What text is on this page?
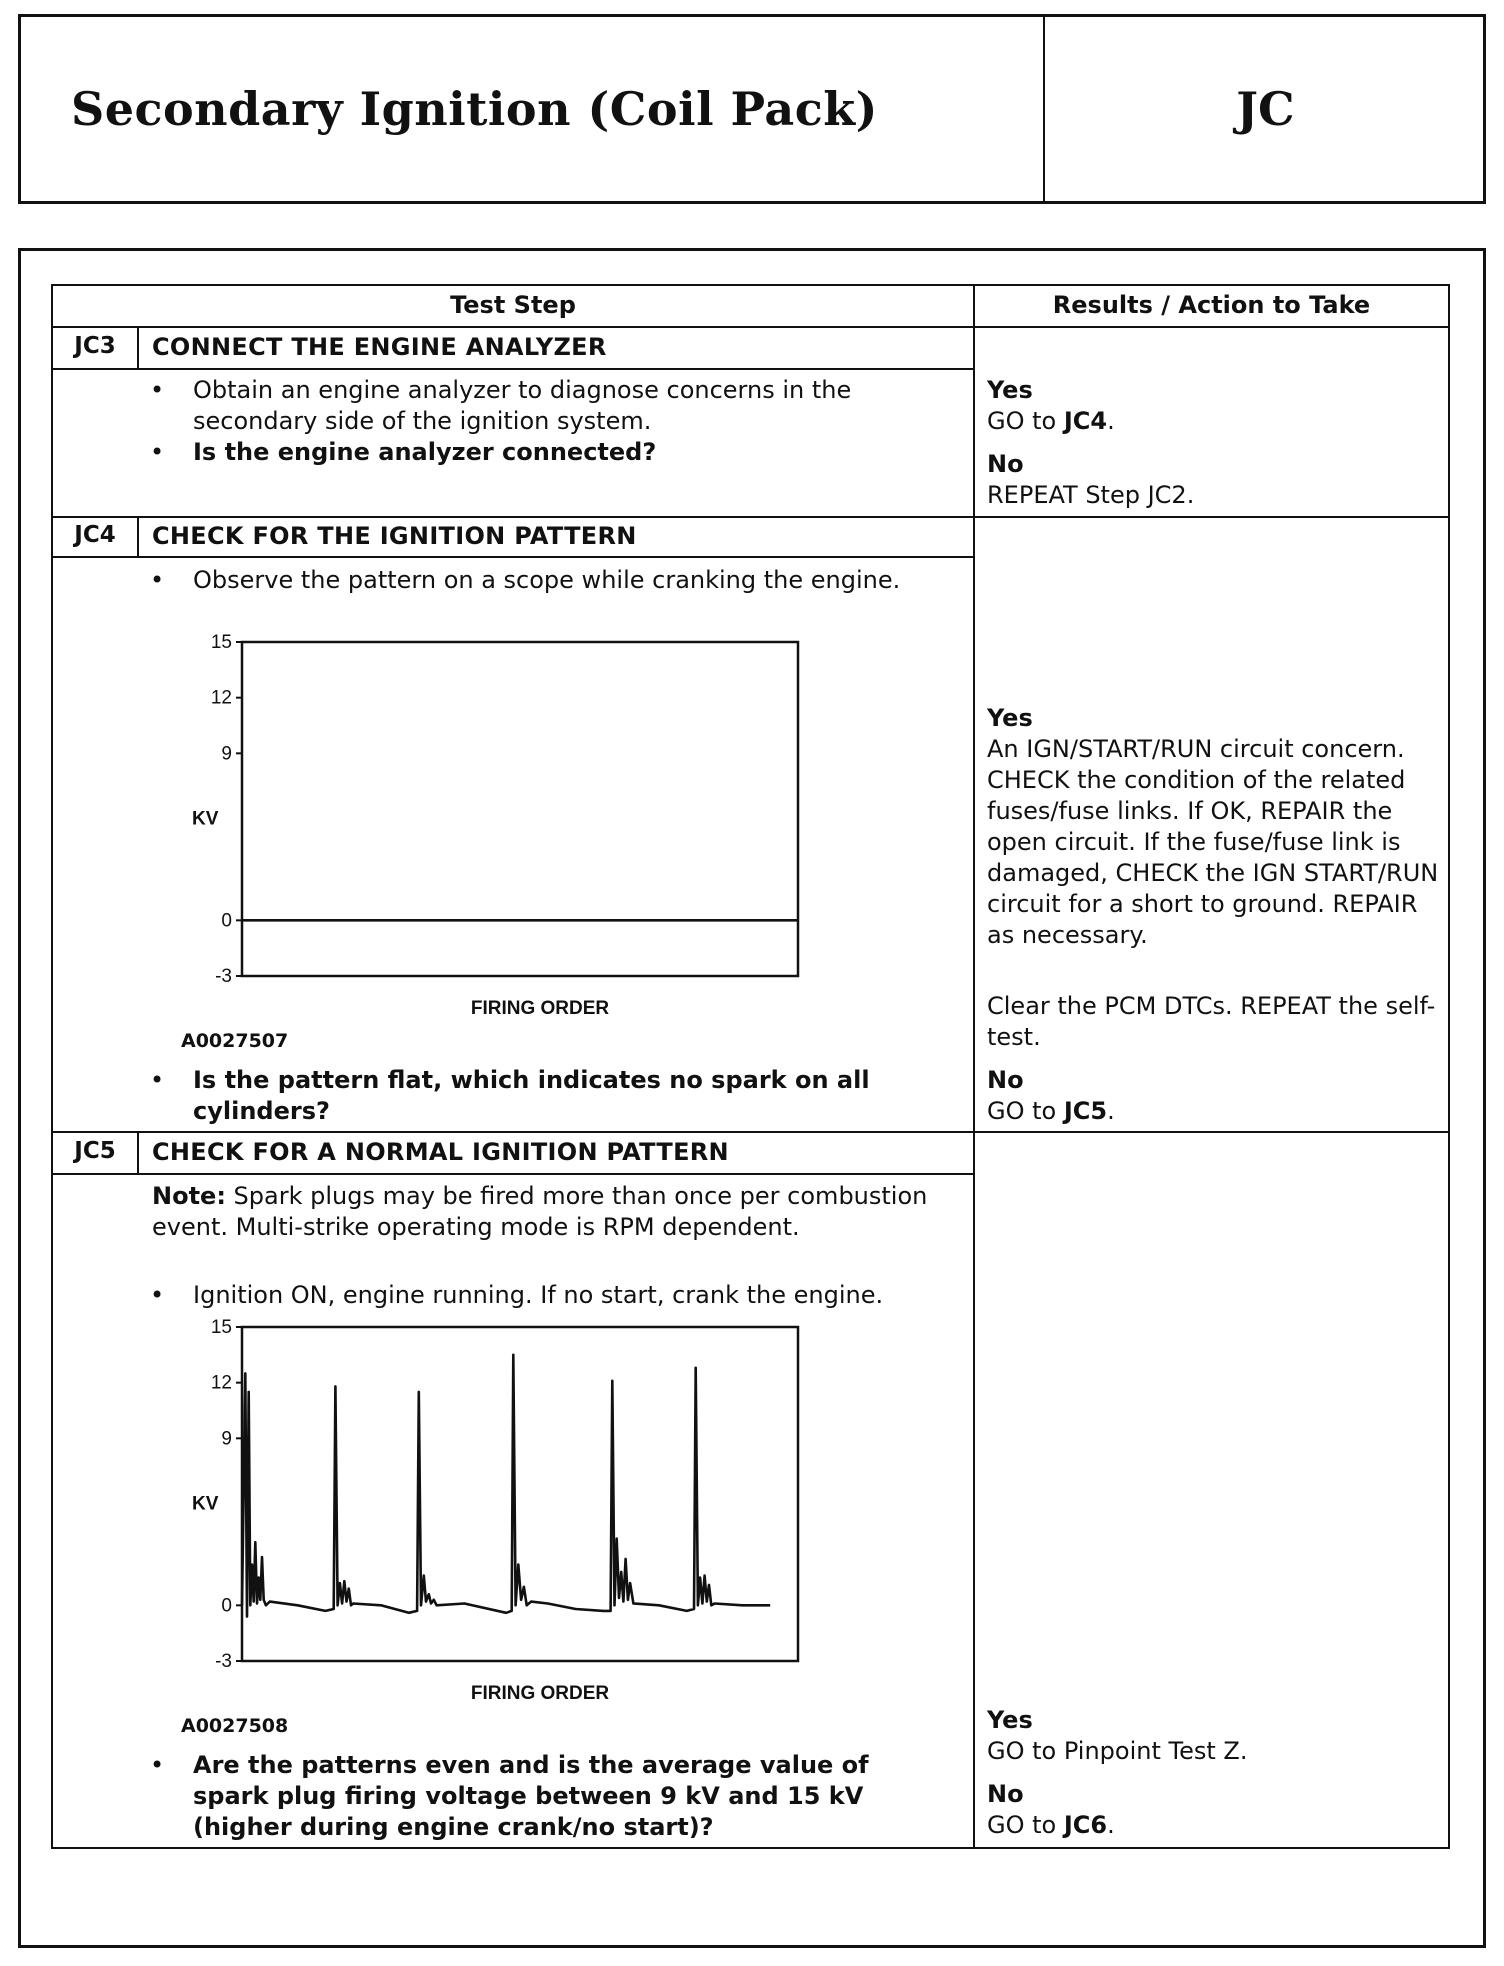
Secondary Ignition (Coil Pack)	JC
Test Step	Results / Action to Take
JC3	CONNECT THE ENGINE ANALYZER
• Obtain an engine analyzer to diagnose concerns in the secondary side of the ignition system.
• Is the engine analyzer connected?
Yes
GO to JC4.
No
REPEAT Step JC2.
JC4	CHECK FOR THE IGNITION PATTERN
• Observe the pattern on a scope while cranking the engine.
15
12
9
0
-3
KV
FIRING ORDER
A0027507
• Is the pattern flat, which indicates no spark on all cylinders?
Yes
An IGN/START/RUN circuit concern. CHECK the condition of the related fuses/fuse links. If OK, REPAIR the open circuit. If the fuse/fuse link is damaged, CHECK the IGN START/RUN circuit for a short to ground. REPAIR as necessary.
Clear the PCM DTCs. REPEAT the self-test.
No
GO to JC5.
JC5	CHECK FOR A NORMAL IGNITION PATTERN
Note: Spark plugs may be fired more than once per combustion event. Multi-strike operating mode is RPM dependent.
• Ignition ON, engine running. If no start, crank the engine.
15
12
9
0
-3
KV
FIRING ORDER
A0027508
• Are the patterns even and is the average value of spark plug firing voltage between 9 kV and 15 kV (higher during engine crank/no start)?
Yes
GO to Pinpoint Test Z.
No
GO to JC6.
